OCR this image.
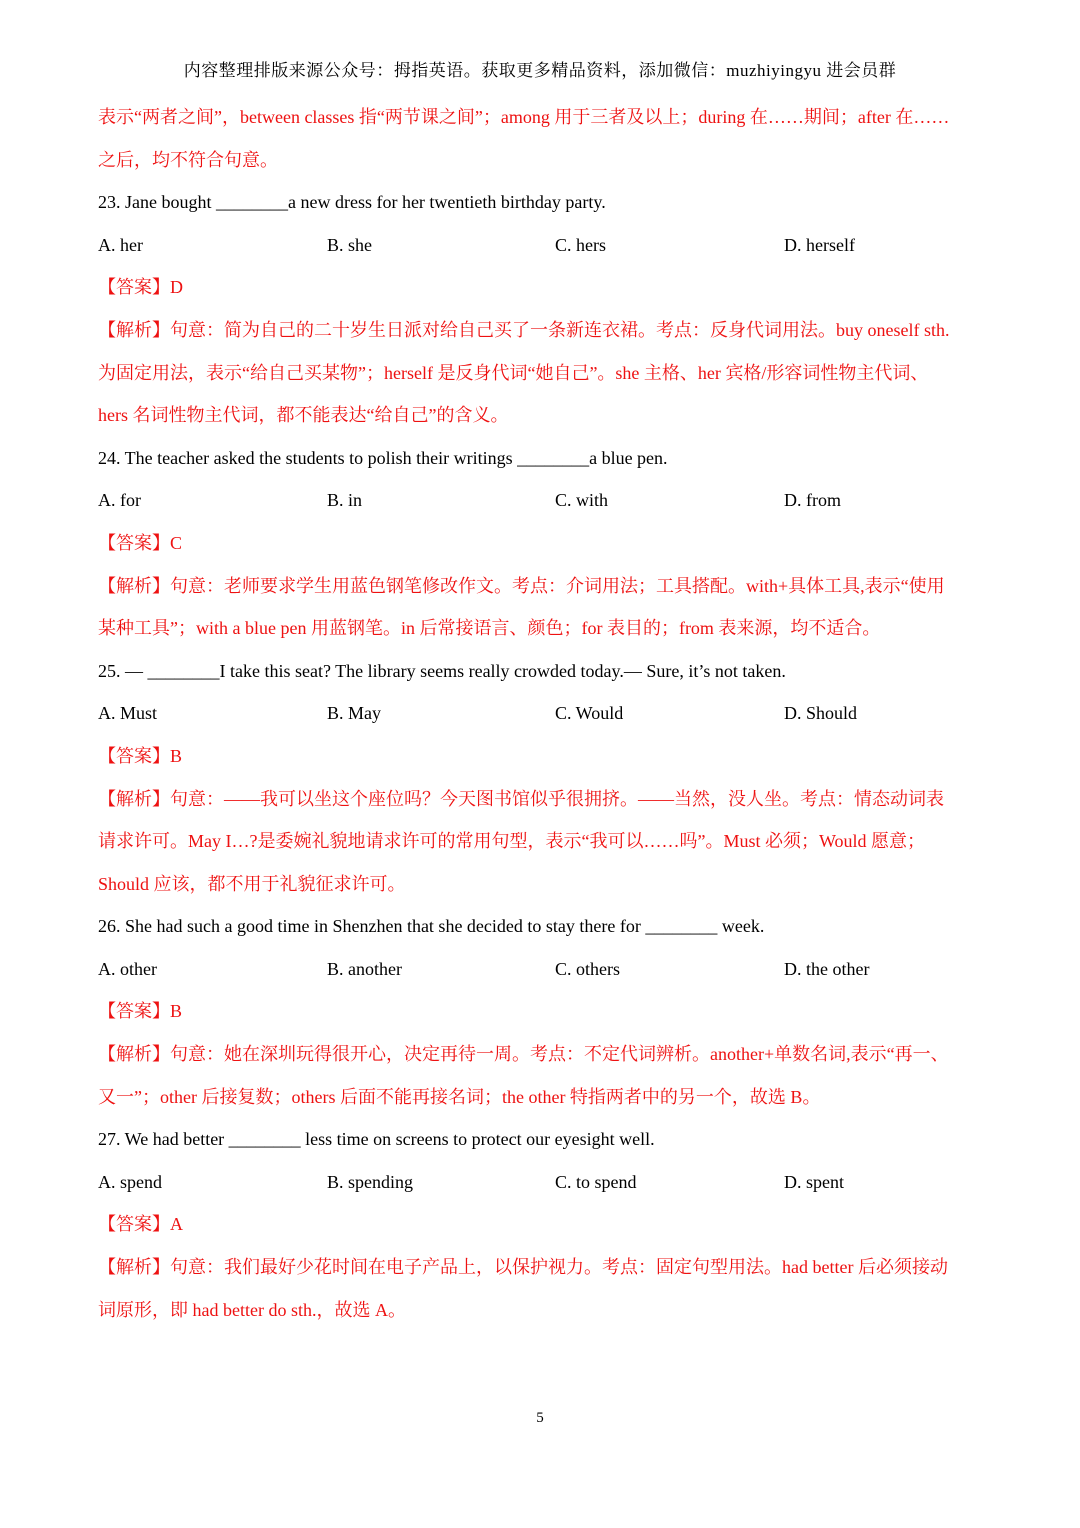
内容整理排版来源公众号：拇指英语。获取更多精品资料，添加微信：muzhiyingyu 进会员群
表示“两者之间”，between classes 指“两节课之间”；among 用于三者及以上；during 在……期间；after 在……
之后，均不符合句意。
23. Jane bought ________a new dress for her twentieth birthday party.
A. her	B. she	C. hers	D. herself
【答案】D
【解析】句意：简为自己的二十岁生日派对给自己买了一条新连衣裙。考点：反身代词用法。buy oneself sth.
为固定用法，表示“给自己买某物”；herself 是反身代词“她自己”。she 主格、her 宾格/形容词性物主代词、
hers 名词性物主代词，都不能表达“给自己”的含义。
24. The teacher asked the students to polish their writings ________a blue pen.
A. for	B. in	C. with	D. from
【答案】C
【解析】句意：老师要求学生用蓝色钢笔修改作文。考点：介词用法；工具搭配。with+具体工具,表示“使用
某种工具”；with a blue pen 用蓝钢笔。in 后常接语言、颜色；for 表目的；from 表来源，均不适合。
25. — ________I take this seat? The library seems really crowded today.— Sure, it’s not taken.
A. Must	B. May	C. Would	D. Should
【答案】B
【解析】句意：——我可以坐这个座位吗？今天图书馆似乎很拥挤。——当然，没人坐。考点：情态动词表
请求许可。May I…?是委婉礼貌地请求许可的常用句型，表示“我可以……吗”。Must 必须；Would 愿意；
Should 应该，都不用于礼貌征求许可。
26. She had such a good time in Shenzhen that she decided to stay there for ________ week.
A. other	B. another	C. others	D. the other
【答案】B
【解析】句意：她在深圳玩得很开心，决定再待一周。考点：不定代词辨析。another+单数名词,表示“再一、
又一”；other 后接复数；others 后面不能再接名词；the other 特指两者中的另一个，故选 B。
27. We had better ________ less time on screens to protect our eyesight well.
A. spend	B. spending	C. to spend	D. spent
【答案】A
【解析】句意：我们最好少花时间在电子产品上，以保护视力。考点：固定句型用法。had better 后必须接动
词原形，即 had better do sth.，故选 A。
5
